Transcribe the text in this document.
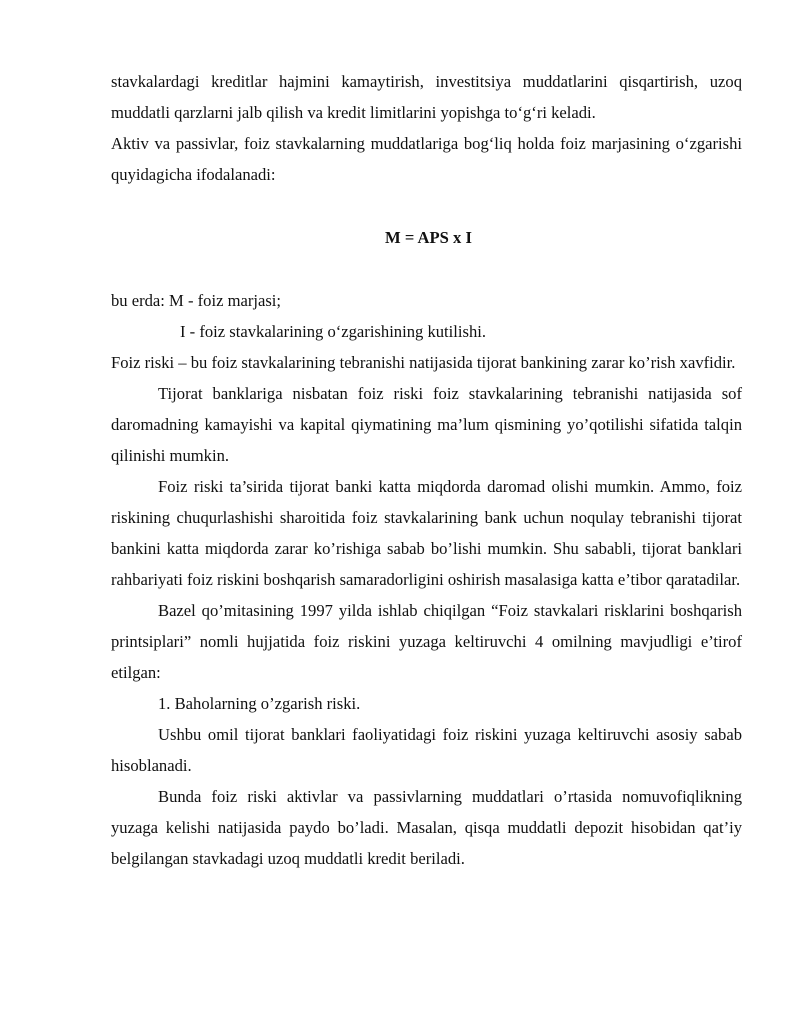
stavkalardagi kreditlar hajmini kamaytirish, investitsiya muddatlarini qisqartirish, uzoq muddatli qarzlarni jalb qilish va kredit limitlarini yopishga to‘g‘ri keladi.

Aktiv va passivlar, foiz stavkalarning muddatlariga bog‘liq holda foiz marjasining o‘zgarishi quyidagicha ifodalanadi:

M = APS x I

bu erda: M - foiz marjasi;

I - foiz stavkalarining o‘zgarishining kutilishi.

Foiz riski – bu foiz stavkalarining tebranishi natijasida tijorat bankining zarar ko’rish xavfidir.

Tijorat banklariga nisbatan foiz riski foiz stavkalarining tebranishi natijasida sof daromadning kamayishi va kapital qiymatining ma’lum qismining yo’qotilishi sifatida talqin qilinishi mumkin.

Foiz riski ta’sirida tijorat banki katta miqdorda daromad olishi mumkin. Ammo, foiz riskining chuqurlashishi sharoitida foiz stavkalarining bank uchun noqulay tebranishi tijorat bankini katta miqdorda zarar ko’rishiga sabab bo’lishi mumkin. Shu sababli, tijorat banklari rahbariyati foiz riskini boshqarish samaradorligini oshirish masalasiga katta e’tibor qaratadilar.

Bazel qo’mitasining 1997 yilda ishlab chiqilgan “Foiz stavkalari risklarini boshqarish printsiplari” nomli hujjatida foiz riskini yuzaga keltiruvchi 4 omilning mavjudligi e’tirof etilgan:

1. Baholarning o’zgarish riski.

Ushbu omil tijorat banklari faoliyatidagi foiz riskini yuzaga keltiruvchi asosiy sabab hisoblanadi.

Bunda foiz riski aktivlar va passivlarning muddatlari o’rtasida nomuvofiqlikning yuzaga kelishi natijasida paydo bo’ladi. Masalan, qisqa muddatli depozit hisobidan qat’iy belgilangan stavkadagi uzoq muddatli kredit beriladi.
